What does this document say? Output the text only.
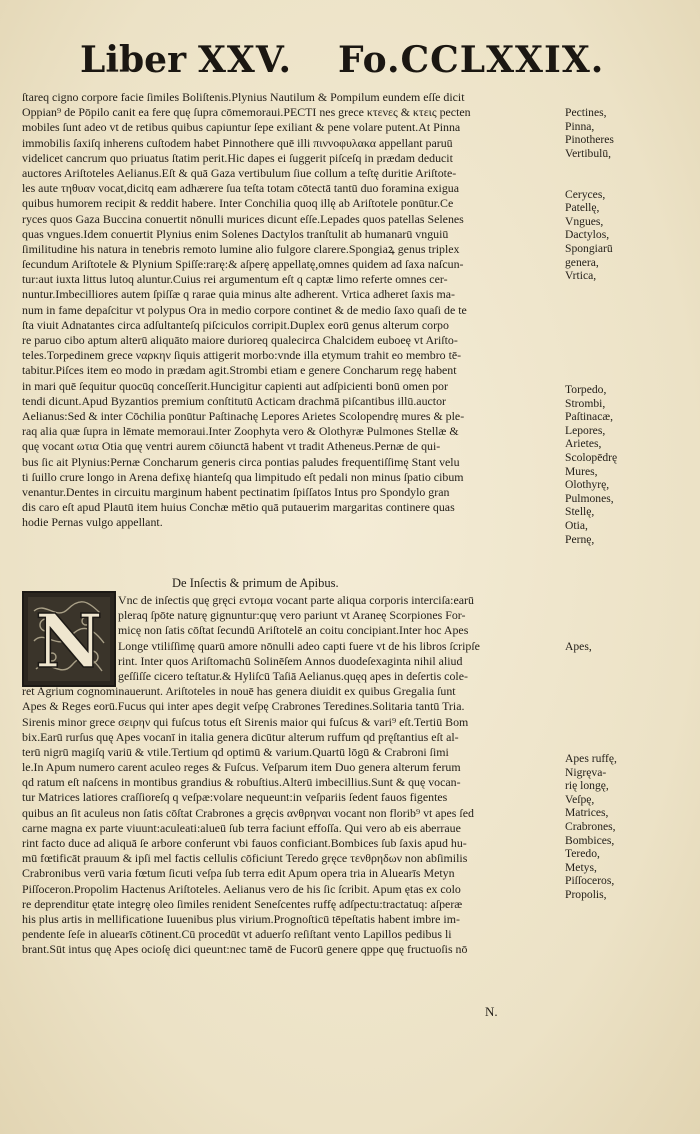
Liber XXV. Fo.CCLXXIX.
ſtareq cigno corpore facie ſimiles Boliſtenis.Plynius Nautilum & Pompilum eundem eſſe dicit
Oppian⁹ de Pōpilo canit ea fere quę ſupra cōmemoraui.PECTI nes grece κτενες & κτεις pecten
mobiles ſunt adeo vt de retibus quibus capiuntur ſepe exiliant & pene volare putent.At Pinna
immobilis ſaxiſq inherens cuſtodem habet Pinnothere quē illi πιννοφυλακα appellant paruū
videlicet cancrum quo priuatus ſtatim perit.Hic dapes ei ſuggerit piſceſq in prædam deducit
auctores Ariſtoteles Aelianus.Eſt & quā Gaza vertibulum ſiue collum a teſtę duritie Ariſtote-
les aute τηθυαν vocat,dicitq eam adhærere ſua teſta totam cōtectā tantū duo foramina exigua
quibus humorem recipit & reddit habere. Inter Conchilia quoq illę ab Ariſtotele ponūtur.Ce
ryces quos Gaza Buccina conuertit nōnulli murices dicunt eſſe.Lepades quos patellas Selenes
quas vngues.Idem conuertit Plynius enim Solenes Dactylos tranſtulit ab humanarū vnguiū
ſimilitudine his natura in tenebris remoto lumine alio fulgore clarere.Spongiaꝝ genus triplex
ſecundum Ariſtotele & Plynium Spiſſe:rarę:& aſperę appellatę,omnes quidem ad ſaxa naſcun-
tur:aut iuxta littus lutoq aluntur.Cuius rei argumentum eſt q captæ limo referte omnes cer-
nuntur.Imbecilliores autem ſpiſſæ q rarae quia minus alte adherent. Vrtica adheret ſaxis ma-
num in fame depaſcitur vt polypus Ora in medio corpore continet & de medio ſaxo quaſi de te
ſta viuit Adnatantes circa adſultanteſq piſciculos corripit.Duplex eorū genus alterum corpo
re paruo cibo aptum alterū aliquāto maiore durioreq qualecirca Chalcidem euboeę vt Ariſto-
teles.Torpedinem grece ναρκην ſiquis attigerit morbo:vnde illa etymum trahit eo membro tē-
tabitur.Piſces item eo modo in prædam agit.Strombi etiam e genere Concharum regę habent
in mari quē ſequitur quocūq conceſſerit.Huncigitur capienti aut adſpicienti bonū omen por
tendi dicunt.Apud Byzantios premium conſtitutū Acticam drachmā piſcantibus illū.auctor
Aelianus:Sed & inter Cōchilia ponūtur Paſtinachę Lepores Arietes Scolopendrę mures & ple-
raq alia quæ ſupra in lēmate memoraui.Inter Zoophyta vero & Olothyræ Pulmones Stellæ &
quę vocant ωτια Otia quę ventri aurem cōiunctā habent vt tradit Atheneus.Pernæ de qui-
bus ſic ait Plynius:Pernæ Concharum generis circa pontias paludes frequentiſſimę Stant velu
ti ſuillo crure longo in Arena defixę hianteſq qua limpitudo eſt pedali non minus ſpatio cibum
venantur.Dentes in circuitu marginum habent pectinatim ſpiſſatos Intus pro Spondylo gran
dis caro eſt apud Plautū item huius Conchæ mētio quā putauerim margaritas continere quas
hodie Pernas vulgo appellant.
Pectines,
Pinna,
Pinotheres
Vertibulū,

Ceryces,
Patellę,
Vngues,
Dactylos,
Spongiarū
genera,
Vrtica,
Torpedo,
Strombi,
Paſtinacæ,
Lepores,
Arietes,
Scolopēdrę
Mures,
Olothyrę,
Pulmones,
Stellę,
Otia,
Pernę,
De Inſectis & primum de Apibus.
N	Vnc de inſectis quę gręci εντομα vocant parte aliqua corporis interciſa:earū
pleraq ſpōte naturę gignuntur:quę vero pariunt vt Araneę Scorpiones For-
micę non ſatis cōſtat ſecundū Ariſtotelē an coitu concipiant.Inter hoc Apes
Longe vtiliſſimę quarū amore nōnulli adeo capti fuere vt de his libros ſcripſe
rint. Inter quos Ariſtomachū Solinēſem Annos duodeſexaginta nihil aliud
geſſiſſe cicero teſtatur.& Hyliſcū Taſiā Aelianus.quęq apes in deſertis cole-
ret Agrium cognominauerunt. Ariſtoteles in nouē has genera diuidit ex quibus Gregalia ſunt
Apes & Reges eorū.Fucus qui inter apes degit veſpę Crabrones Teredines.Solitaria tantū Tria.
Sirenis minor grece σειρην qui fuſcus totus eſt Sirenis maior qui fuſcus & vari⁹ eſt.Tertiū Bom
bix.Earū rurſus quę Apes vocanī in italia genera dicūtur alterum ruffum qd pręſtantius eſt al-
terū nigrū magiſq variū & vtile.Tertium qd optimū & varium.Quartū lōgū & Crabroni ſimi
le.In Apum numero carent aculeo reges & Fuſcus. Veſparum item Duo genera alterum ferum
qd ratum eſt naſcens in montibus grandius & robuſtius.Alterū imbecillius.Sunt & quę vocan-
tur Matrices latiores craſſioreſq q veſpæ:volare nequeunt:in veſpariis ſedent fauos figentes
quibus an ſit aculeus non ſatis cōſtat Crabrones a gręcis ανθρηναι vocant non florib⁹ vt apes ſed
carne magna ex parte viuunt:aculeati:alueū ſub terra faciunt effoſſa. Qui vero ab eis aberraue
rint facto duce ad aliquā ſe arbore conferunt vbi fauos conficiant.Bombices ſub ſaxis apud hu-
mū fœtificāt prauum & ipſi mel factis cellulis cōficiunt Teredo gręce τενθρηδων non abſimilis
Crabronibus verū varia fœtum ſicuti veſpa ſub terra edit Apum opera tria in Aluearīs Metyn
Piſſoceron.Propolim Hactenus Ariſtoteles. Aelianus vero de his ſic ſcribit. Apum ętas ex colo
re deprenditur ętate integrę oleo ſimiles renident Seneſcentes ruffę adſpectu:tractatuq: aſperæ
his plus artis in mellificatione Iuuenibus plus virium.Prognoſticū tēpeſtatis habent imbre im-
pendente ſeſe in aluearīs cōtinent.Cū procedūt vt aduerſo reſiſtant vento Lapillos pedibus li
brant.Sūt intus quę Apes ocioſę dici queunt:nec tamē de Fucorū genere qppe quę fructuoſis nō
Apes,
Apes ruffę,
Nigręva-
rię longę,
Veſpę,
Matrices,
Crabrones,
Bombices,
Teredo,
Metys,
Piſſoceros,
Propolis,
N.
